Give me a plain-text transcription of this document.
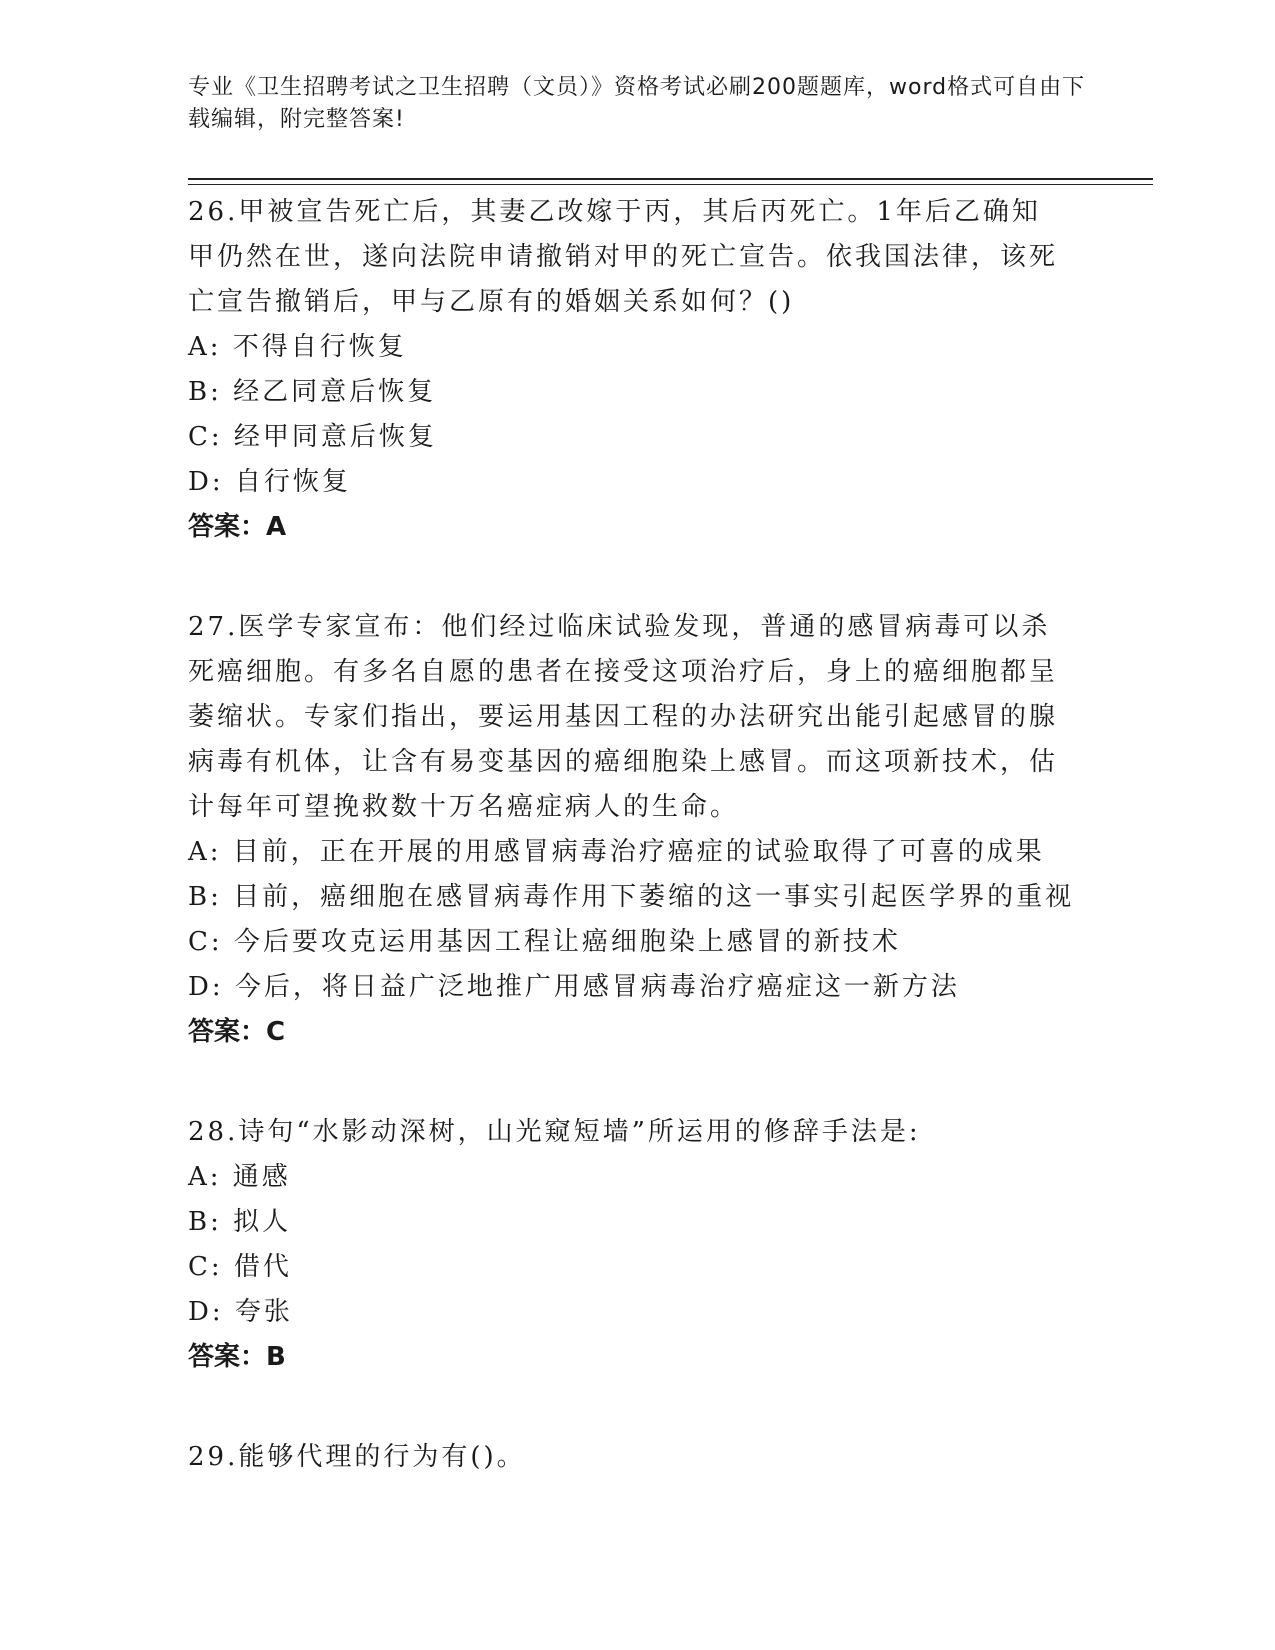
专业《卫生招聘考试之卫生招聘（文员）》资格考试必刷200题题库，word格式可自由下载编辑，附完整答案!
26.甲被宣告死亡后，其妻乙改嫁于丙，其后丙死亡。1年后乙确知甲仍然在世，遂向法院申请撤销对甲的死亡宣告。依我国法律，该死亡宣告撤销后，甲与乙原有的婚姻关系如何？()
A: 不得自行恢复
B: 经乙同意后恢复
C: 经甲同意后恢复
D: 自行恢复
答案：A
27.医学专家宣布：他们经过临床试验发现，普通的感冒病毒可以杀死癌细胞。有多名自愿的患者在接受这项治疗后，身上的癌细胞都呈萎缩状。专家们指出，要运用基因工程的办法研究出能引起感冒的腺病毒有机体，让含有易变基因的癌细胞染上感冒。而这项新技术，估计每年可望挽救数十万名癌症病人的生命。
A: 目前，正在开展的用感冒病毒治疗癌症的试验取得了可喜的成果
B: 目前，癌细胞在感冒病毒作用下萎缩的这一事实引起医学界的重视
C: 今后要攻克运用基因工程让癌细胞染上感冒的新技术
D: 今后，将日益广泛地推广用感冒病毒治疗癌症这一新方法
答案：C
28.诗句“水影动深树，山光窥短墙”所运用的修辞手法是:
A: 通感
B: 拟人
C: 借代
D: 夸张
答案：B
29.能够代理的行为有()。
